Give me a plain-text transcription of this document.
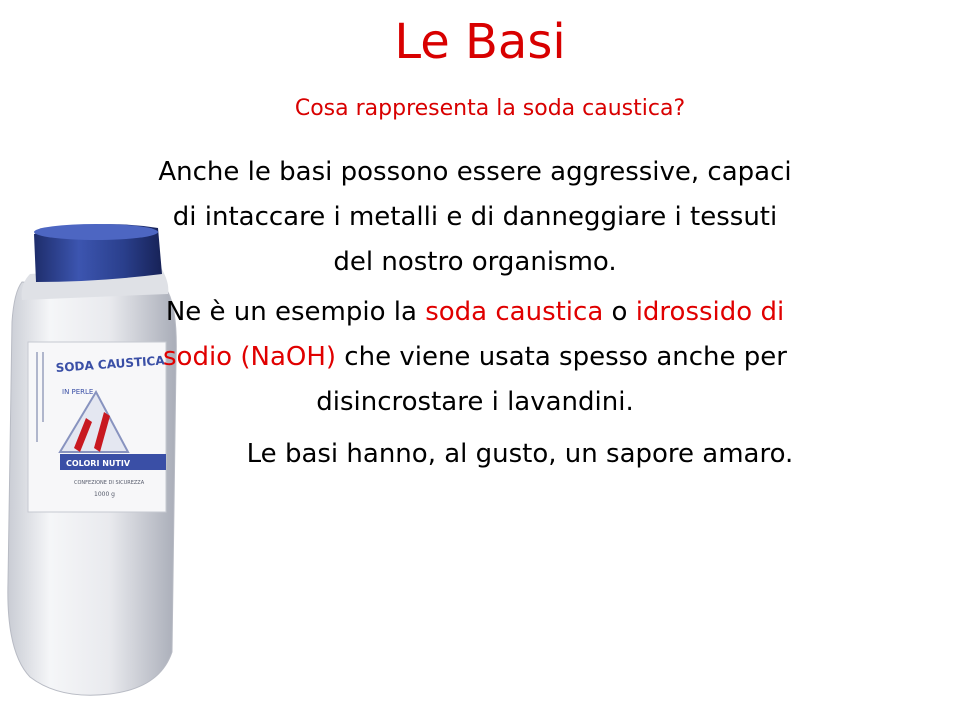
SODA CAUSTICA
IN PERLE
COLORI NUTIV
CONFEZIONE DI SICUREZZA
1000 g
Le Basi
Cosa rappresenta la soda caustica?
Anche le basi possono essere aggressive, capaci
di intaccare i metalli e di danneggiare i tessuti
del nostro organismo.
Ne è un esempio la soda caustica o idrossido di
sodio (NaOH) che viene usata spesso anche per
disincrostare i lavandini.
Le basi hanno, al gusto, un sapore amaro.
